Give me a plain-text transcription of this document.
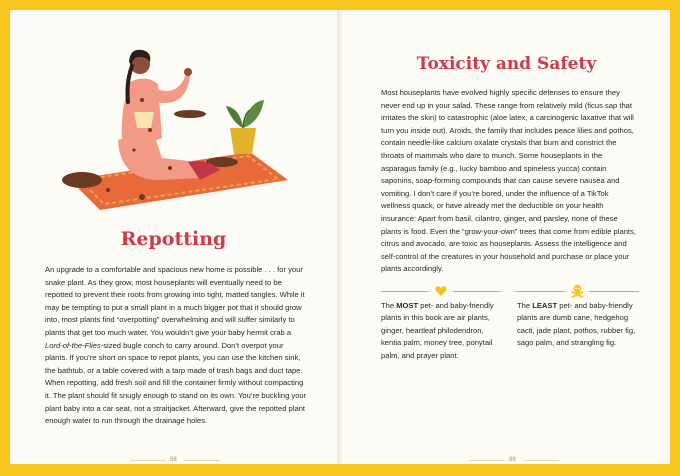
Repotting

An upgrade to a comfortable and spacious new home is possible . . . for your snake plant. As they grow, most houseplants will eventually need to be repotted to prevent their roots from growing into tight, matted tangles. While it may be tempting to put a small plant in a much bigger pot that it should grow into, most plants find “overpotting” overwhelming and will suffer similarly to plants that get too much water. You wouldn’t give your baby hermit crab a Lord-of-the-Flies-sized bugle conch to carry around. Don’t overpot your plants. If you’re short on space to repot plants, you can use the kitchen sink, the bathtub, or a table covered with a tarp made of trash bags and duct tape. When repotting, add fresh soil and fill the container firmly without compacting it. The plant should fit snugly enough to stand on its own. You’re buckling your plant baby into a car seat, not a straitjacket. Afterward, give the repotted plant enough water to run through the drainage holes.

88
Toxicity and Safety

Most houseplants have evolved highly specific defenses to ensure they never end up in your salad. These range from relatively mild (ficus sap that irritates the skin) to catastrophic (aloe latex, a carcinogenic laxative that will turn you inside out). Aroids, the family that includes peace lilies and pothos, contain needle-like calcium oxalate crystals that burn and constrict the throats of mammals who dare to munch. Some houseplants in the asparagus family (e.g., lucky bamboo and spineless yucca) contain saponins, soap-forming compounds that can cause severe nausea and vomiting. I don’t care if you’re bored, under the influence of a TikTok wellness quack, or have already met the deductible on your health insurance: Apart from basil, cilantro, ginger, and parsley, none of these plants is food. Even the “grow-your-own” trees that come from edible plants, citrus and avocado, are toxic as houseplants. Assess the intelligence and self-control of the creatures in your household and purchase or place your plants accordingly.

The MOST pet- and baby-friendly plants in this book are air plants, ginger, heartleaf philodendron, kentia palm, money tree, ponytail palm, and prayer plant.

The LEAST pet- and baby-friendly plants are dumb cane, hedgehog cacti, jade plant, pothos, rubber fig, sago palm, and strangling fig.

89
